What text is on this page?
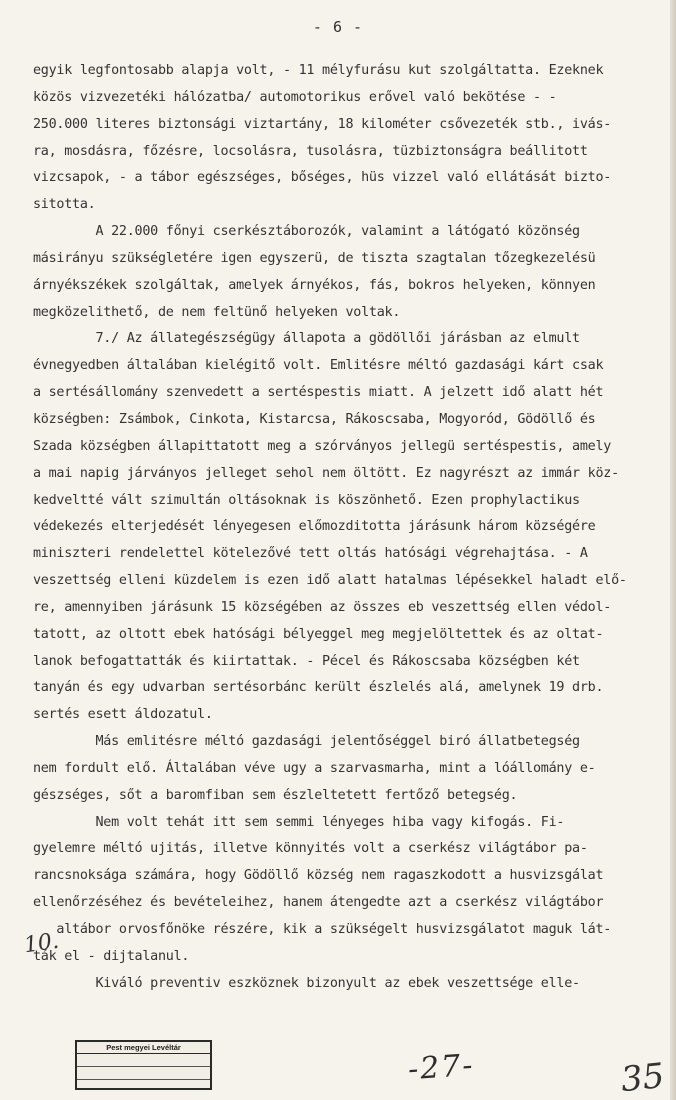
- 6 -
egyik legfontosabb alapja volt, - 11 mélyfurásu kut szolgáltatta. Ezeknek
közös vizvezetéki hálózatba/ automotorikus erővel való bekötése - -
250.000 literes biztonsági viztartány, 18 kilométer csővezeték stb., ivás-
ra, mosdásra, főzésre, locsolásra, tusolásra, tüzbiztonságra beállitott
vizcsapok, - a tábor egészséges, bőséges, hüs vizzel való ellátását bizto-
sitotta.
A 22.000 főnyi cserkésztáborozók, valamint a látógató közönség
másirányu szükségletére igen egyszerü, de tiszta szagtalan tőzegkezelésü
árnyékszékek szolgáltak, amelyek árnyékos, fás, bokros helyeken, könnyen
megközelithető, de nem feltünő helyeken voltak.
7./ Az állategészségügy állapota a gödöllői járásban az elmult
évnegyedben általában kielégitő volt. Emlitésre méltó gazdasági kárt csak
a sertésállomány szenvedett a sertéspestis miatt. A jelzett idő alatt hét
községben: Zsámbok, Cinkota, Kistarcsa, Rákoscsaba, Mogyoród, Gödöllő és
Szada községben állapittatott meg a szórványos jellegü sertéspestis, amely
a mai napig járványos jelleget sehol nem öltött. Ez nagyrészt az immár köz-
kedveltté vált szimultán oltásoknak is köszönhető. Ezen prophylactikus
védekezés elterjedését lényegesen előmozditotta járásunk három községére
miniszteri rendelettel kötelezővé tett oltás hatósági végrehajtása. - A
veszettség elleni küzdelem is ezen idő alatt hatalmas lépésekkel haladt elő-
re, amennyiben járásunk 15 községében az összes eb veszettség ellen védol-
tatott, az oltott ebek hatósági bélyeggel meg megjelöltettek és az oltat-
lanok befogattatták és kiirtattak. - Pécel és Rákoscsaba községben két
tanyán és egy udvarban sertésorbánc került észlelés alá, amelynek 19 drb.
sertés esett áldozatul.
Más emlitésre méltó gazdasági jelentőséggel biró állatbetegség
nem fordult elő. Általában véve ugy a szarvasmarha, mint a lóállomány e-
gészséges, sőt a baromfiban sem észleltetett fertőző betegség.
Nem volt tehát itt sem semmi lényeges hiba vagy kifogás. Fi-
gyelemre méltó ujitás, illetve könnyités volt a cserkész világtábor pa-
rancsnoksága számára, hogy Gödöllő község nem ragaszkodott a husvizsgálat
ellenőrzéséhez és bevételeihez, hanem átengedte azt a cserkész világtábor
altábor orvosfőnöke részére, kik a szükségelt husvizsgálatot maguk lát-
ták el - dijtalanul.
Kiváló preventiv eszköznek bizonyult az ebek veszettsége elle-
10.
Pest megyei Levéltár
-27-	35
